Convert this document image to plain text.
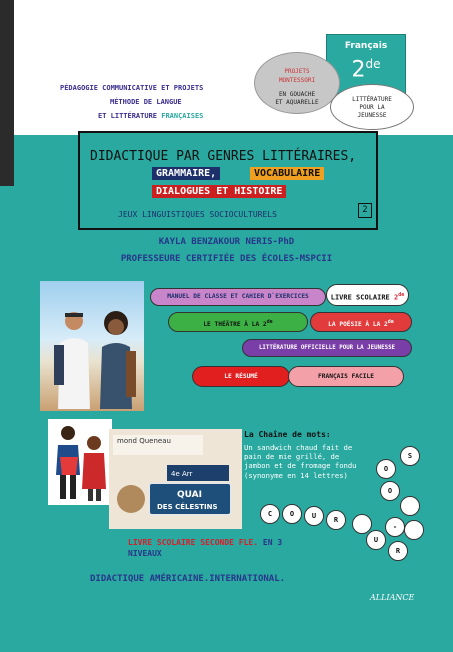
PÉDAGOGIE COMMUNICATIVE ET PROJETS
MÉTHODE DE LANGUE
ET LITTÉRATURE FRANÇAISES
Français
2de
PROJETS
MONTESSORI
EN GOUACHE
ET AQUARELLE	LITTÉRATURE
POUR LA
JEUNESSE
DIDACTIQUE PAR GENRES LITTÉRAIRES,
GRAMMAIRE,	VOCABULAIRE
DIALOGUES ET HISTOIRE
JEUX LINGUISTIQUES SOCIOCULTURELS	2
KAYLA BENZAKOUR NERIS-PhD
PROFESSEURE CERTIFIÉE DES ÉCOLES-MSPCII
MANUEL DE CLASSE ET CAHIER D`EXERCICES	LIVRE SCOLAIRE 2de
LE THÉÂTRE À LA 2de	LA POÉSIE À LA 2de
LITTÉRATURE OFFICIELLE POUR LA JEUNESSE
LE RÉSUMÉ	FRANÇAIS FACILE
mond Queneau
4e Arr
QUAI
DES CÉLESTINS
La Chaîne de mots:
Un sandwich chaud fait de pain de mie grillé, de jambon et de fromage fondu (synonyme en 14 lettres)
C	O	U	R
U
R
-
O
O
S
LIVRE SCOLAIRE SECONDE FLE. EN 3
NIVEAUX
DIDACTIQUE AMÉRICAINE.INTERNATIONAL.
ALLIANCE
